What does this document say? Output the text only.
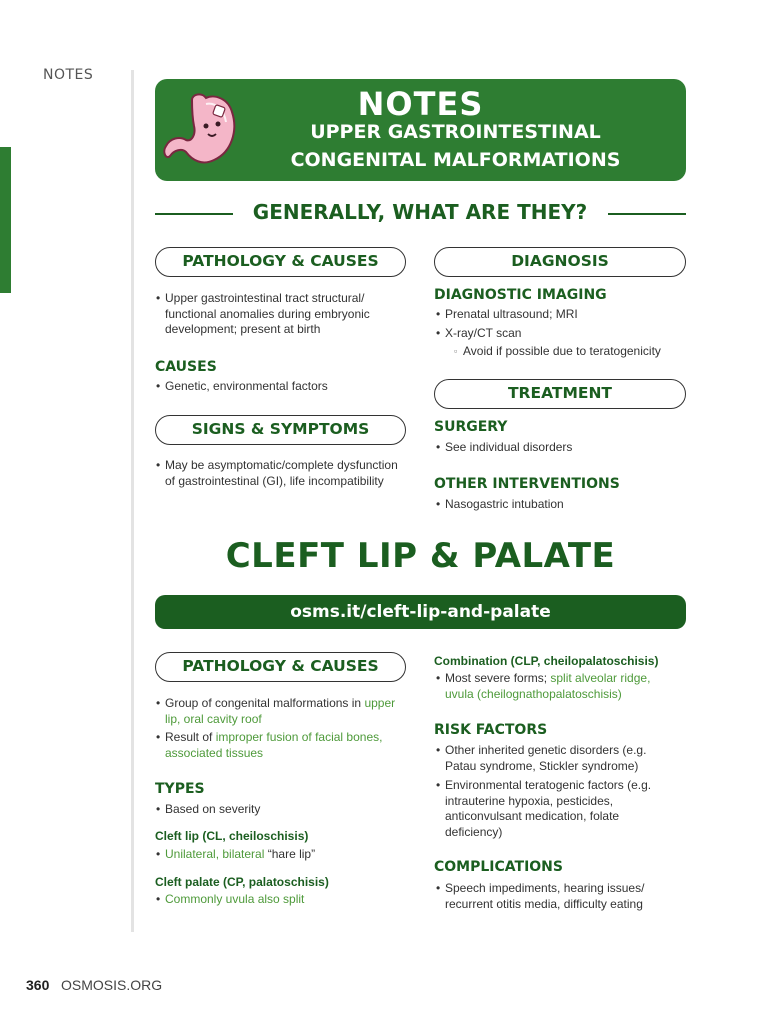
NOTES
NOTES
UPPER GASTROINTESTINAL
CONGENITAL MALFORMATIONS
GENERALLY, WHAT ARE THEY?
PATHOLOGY & CAUSES
• Upper gastrointestinal tract structural/ functional anomalies during embryonic development; present at birth
CAUSES
• Genetic, environmental factors
SIGNS & SYMPTOMS
• May be asymptomatic/complete dysfunction of gastrointestinal (GI), life incompatibility
DIAGNOSIS
DIAGNOSTIC IMAGING
• Prenatal ultrasound; MRI
• X-ray/CT scan
▫ Avoid if possible due to teratogenicity
TREATMENT
SURGERY
• See individual disorders
OTHER INTERVENTIONS
• Nasogastric intubation
CLEFT LIP & PALATE
osms.it/cleft-lip-and-palate
PATHOLOGY & CAUSES
• Group of congenital malformations in upper lip, oral cavity roof
• Result of improper fusion of facial bones, associated tissues
TYPES
• Based on severity
Cleft lip (CL, cheiloschisis)
• Unilateral, bilateral “hare lip”
Cleft palate (CP, palatoschisis)
• Commonly uvula also split
Combination (CLP, cheilopalatoschisis)
• Most severe forms; split alveolar ridge, uvula (cheilognathopalatoschisis)
RISK FACTORS
• Other inherited genetic disorders (e.g. Patau syndrome, Stickler syndrome)
• Environmental teratogenic factors (e.g. intrauterine hypoxia, pesticides, anticonvulsant medication, folate deficiency)
COMPLICATIONS
• Speech impediments, hearing issues/ recurrent otitis media, difficulty eating
360 OSMOSIS.ORG
